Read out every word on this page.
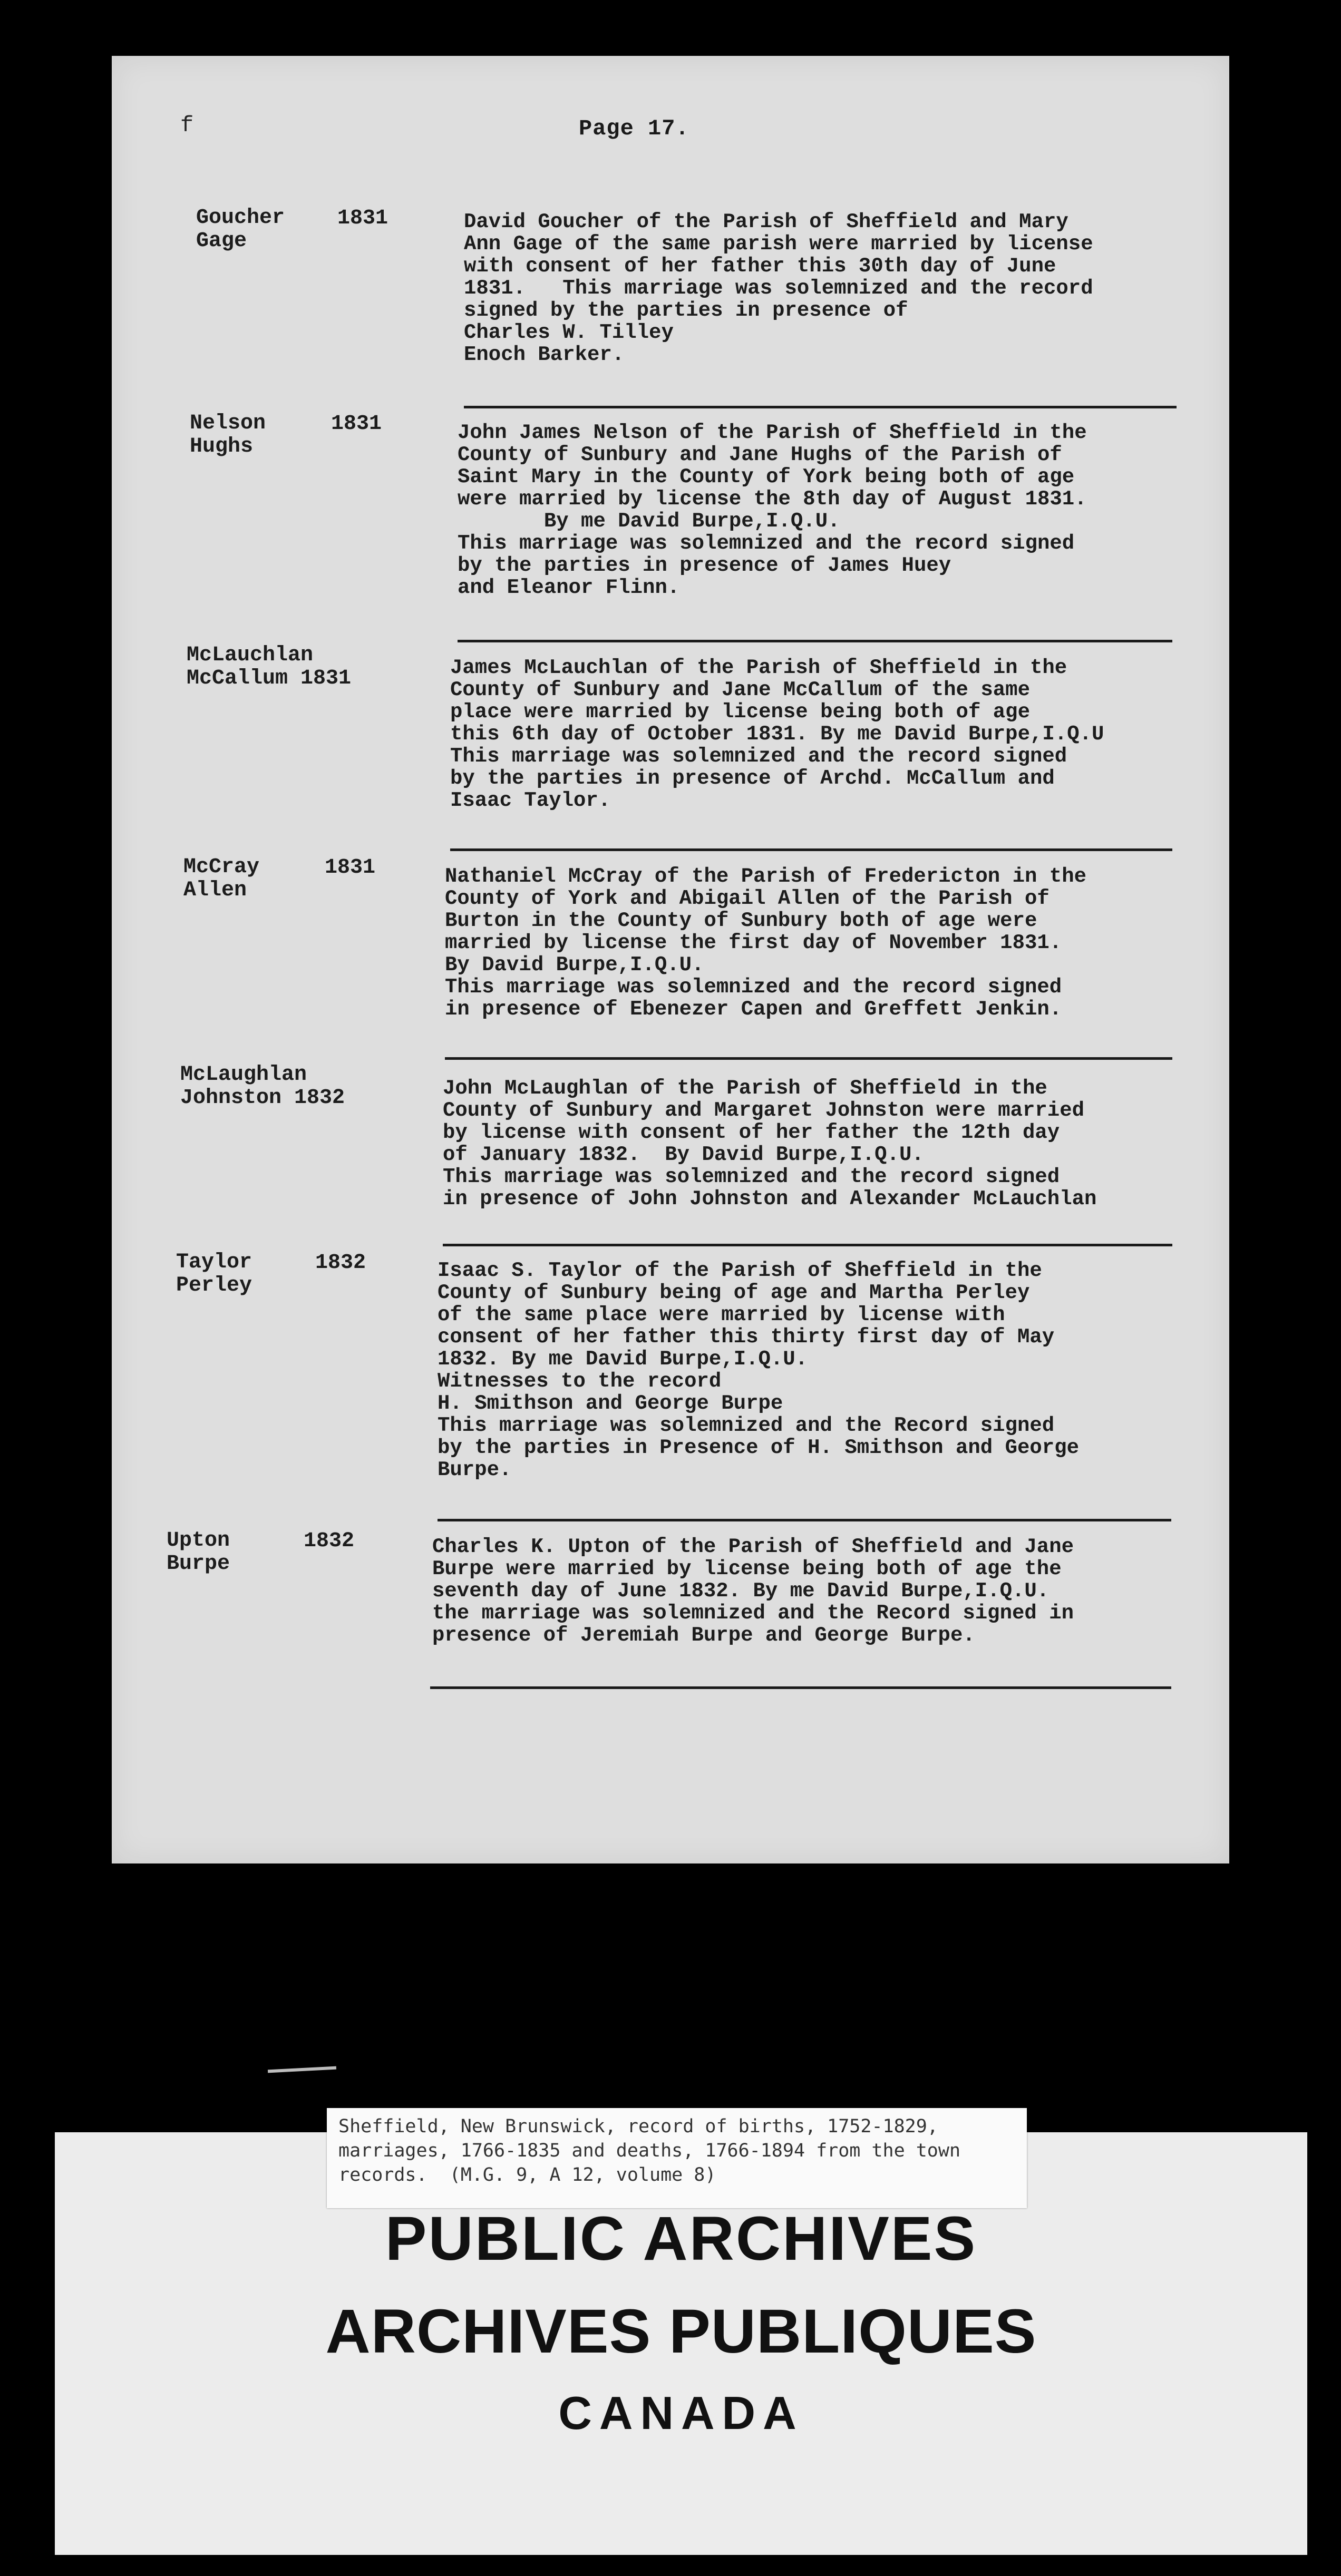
f	Page 17.
Goucher
Gage
1831	David Goucher of the Parish of Sheffield and Mary
Ann Gage of the same parish were married by license
with consent of her father this 30th day of June
1831.   This marriage was solemnized and the record
signed by the parties in presence of
Charles W. Tilley
Enoch Barker.
Nelson
Hughs
1831	John James Nelson of the Parish of Sheffield in the
County of Sunbury and Jane Hughs of the Parish of
Saint Mary in the County of York being both of age
were married by license the 8th day of August 1831.
By me David Burpe,I.Q.U.
This marriage was solemnized and the record signed
by the parties in presence of James Huey
and Eleanor Flinn.
McLauchlan
McCallum 1831	James McLauchlan of the Parish of Sheffield in the
County of Sunbury and Jane McCallum of the same
place were married by license being both of age
this 6th day of October 1831. By me David Burpe,I.Q.U
This marriage was solemnized and the record signed
by the parties in presence of Archd. McCallum and
Isaac Taylor.
McCray
Allen
1831	Nathaniel McCray of the Parish of Fredericton in the
County of York and Abigail Allen of the Parish of
Burton in the County of Sunbury both of age were
married by license the first day of November 1831.
By David Burpe,I.Q.U.
This marriage was solemnized and the record signed
in presence of Ebenezer Capen and Greffett Jenkin.
McLaughlan
Johnston 1832	John McLaughlan of the Parish of Sheffield in the
County of Sunbury and Margaret Johnston were married
by license with consent of her father the 12th day
of January 1832.  By David Burpe,I.Q.U.
This marriage was solemnized and the record signed
in presence of John Johnston and Alexander McLauchlan
Taylor
Perley
1832	Isaac S. Taylor of the Parish of Sheffield in the
County of Sunbury being of age and Martha Perley
of the same place were married by license with
consent of her father this thirty first day of May
1832. By me David Burpe,I.Q.U.
Witnesses to the record
H. Smithson and George Burpe
This marriage was solemnized and the Record signed
by the parties in Presence of H. Smithson and George
Burpe.
Upton
Burpe
1832	Charles K. Upton of the Parish of Sheffield and Jane
Burpe were married by license being both of age the
seventh day of June 1832. By me David Burpe,I.Q.U.
the marriage was solemnized and the Record signed in
presence of Jeremiah Burpe and George Burpe.
Sheffield, New Brunswick, record of births, 1752-1829,
marriages, 1766-1835 and deaths, 1766-1894 from the town
records.  (M.G. 9, A 12, volume 8)
PUBLIC ARCHIVES
ARCHIVES PUBLIQUES
CANADA
